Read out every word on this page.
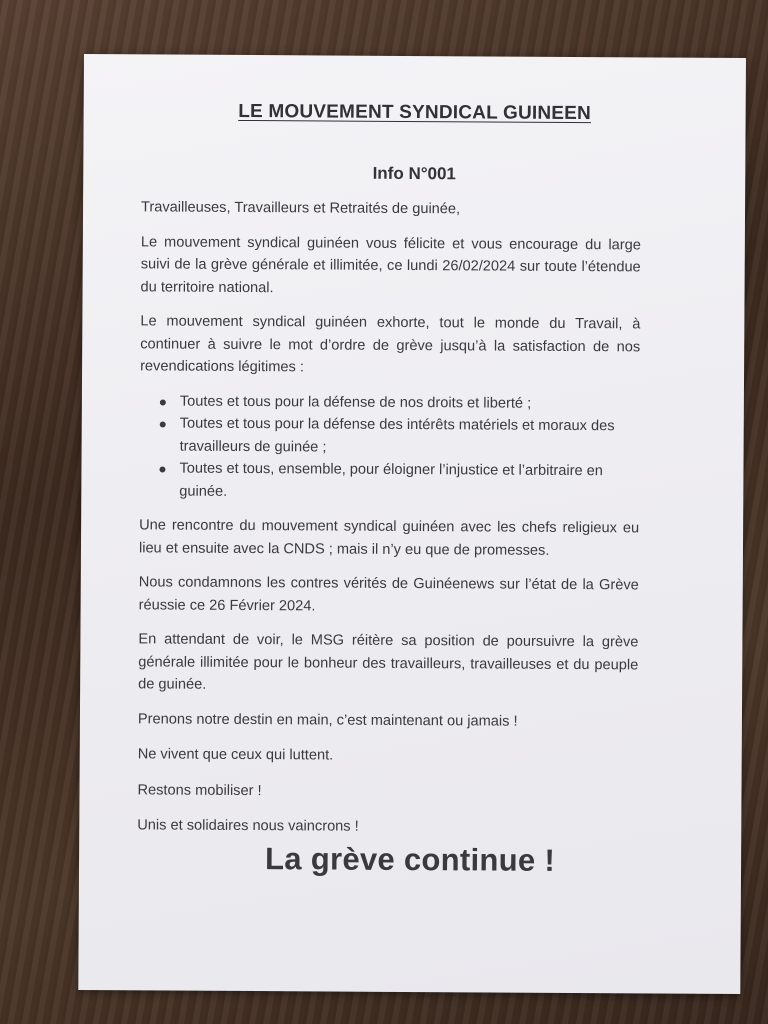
LE MOUVEMENT SYNDICAL GUINEEN
Info N°001

Travailleuses, Travailleurs et Retraités de guinée,

Le mouvement syndical guinéen vous félicite et vous encourage du large suivi de la grève générale et illimitée, ce lundi 26/02/2024 sur toute l’étendue du territoire national.

Le mouvement syndical guinéen exhorte, tout le monde du Travail, à continuer à suivre le mot d’ordre de grève jusqu’à la satisfaction de nos revendications légitimes :

Toutes et tous pour la défense de nos droits et liberté ;
Toutes et tous pour la défense des intérêts matériels et moraux des travailleurs de guinée ;
Toutes et tous, ensemble, pour éloigner l’injustice et l’arbitraire en guinée.

Une rencontre du mouvement syndical guinéen avec les chefs religieux eu lieu et ensuite avec la CNDS ; mais il n’y eu que de promesses.

Nous condamnons les contres vérités de Guinéenews sur l’état de la Grève réussie ce 26 Février 2024.

En attendant de voir, le MSG réitère sa position de poursuivre la grève générale illimitée pour le bonheur des travailleurs, travailleuses et du peuple de guinée.

Prenons notre destin en main, c’est maintenant ou jamais !

Ne vivent que ceux qui luttent.

Restons mobiliser !

Unis et solidaires nous vaincrons !

La grève continue !
